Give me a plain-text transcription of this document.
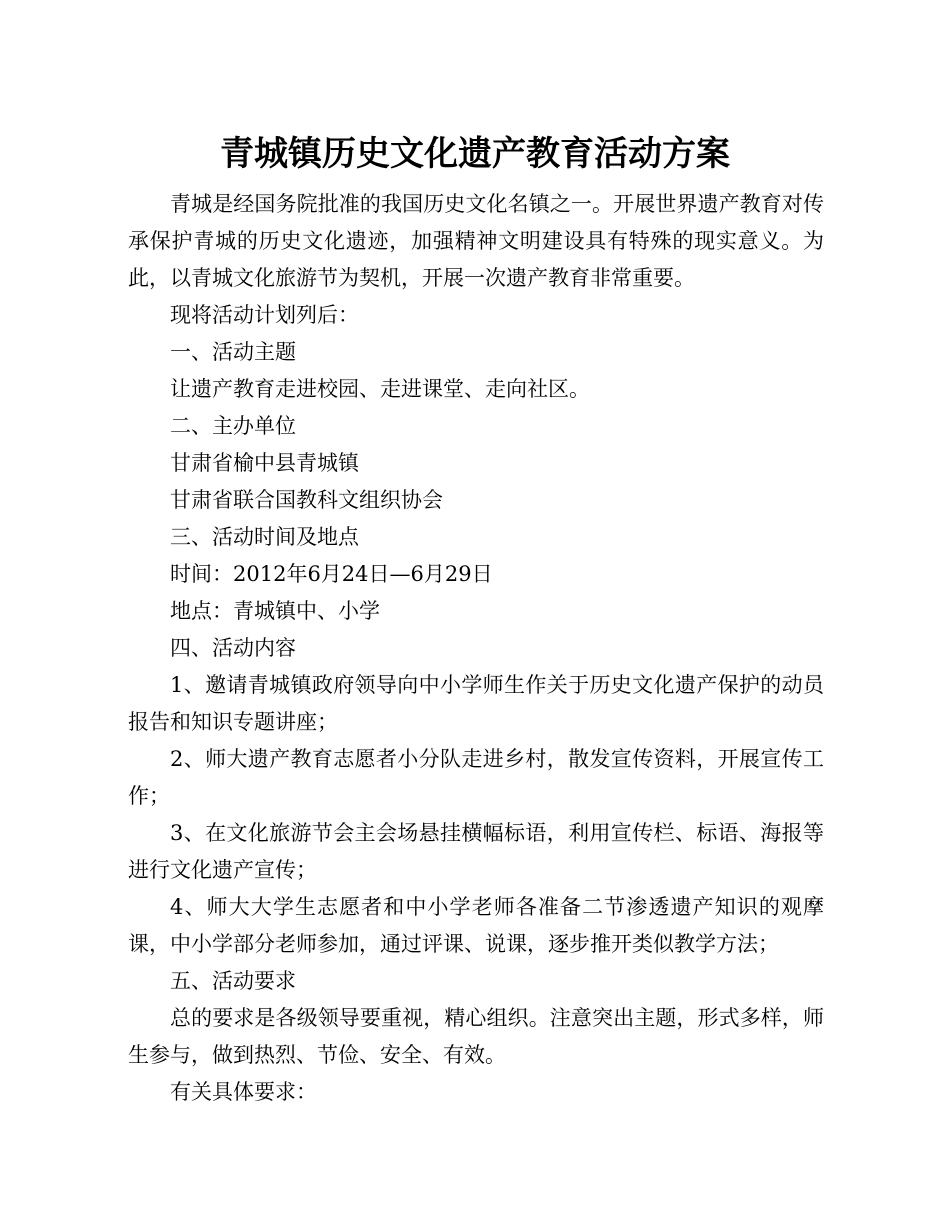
青城镇历史文化遗产教育活动方案

青城是经国务院批准的我国历史文化名镇之一。开展世界遗产教育对传承保护青城的历史文化遗迹，加强精神文明建设具有特殊的现实意义。为此，以青城文化旅游节为契机，开展一次遗产教育非常重要。

现将活动计划列后：

一、活动主题

让遗产教育走进校园、走进课堂、走向社区。

二、主办单位

甘肃省榆中县青城镇

甘肃省联合国教科文组织协会

三、活动时间及地点

时间：2012年6月24日—6月29日

地点：青城镇中、小学

四、活动内容

1、邀请青城镇政府领导向中小学师生作关于历史文化遗产保护的动员报告和知识专题讲座；

2、师大遗产教育志愿者小分队走进乡村，散发宣传资料，开展宣传工作；

3、在文化旅游节会主会场悬挂横幅标语，利用宣传栏、标语、海报等进行文化遗产宣传；

4、师大大学生志愿者和中小学老师各准备二节渗透遗产知识的观摩课，中小学部分老师参加，通过评课、说课，逐步推开类似教学方法；

五、活动要求

总的要求是各级领导要重视，精心组织。注意突出主题，形式多样，师生参与，做到热烈、节俭、安全、有效。

有关具体要求：
